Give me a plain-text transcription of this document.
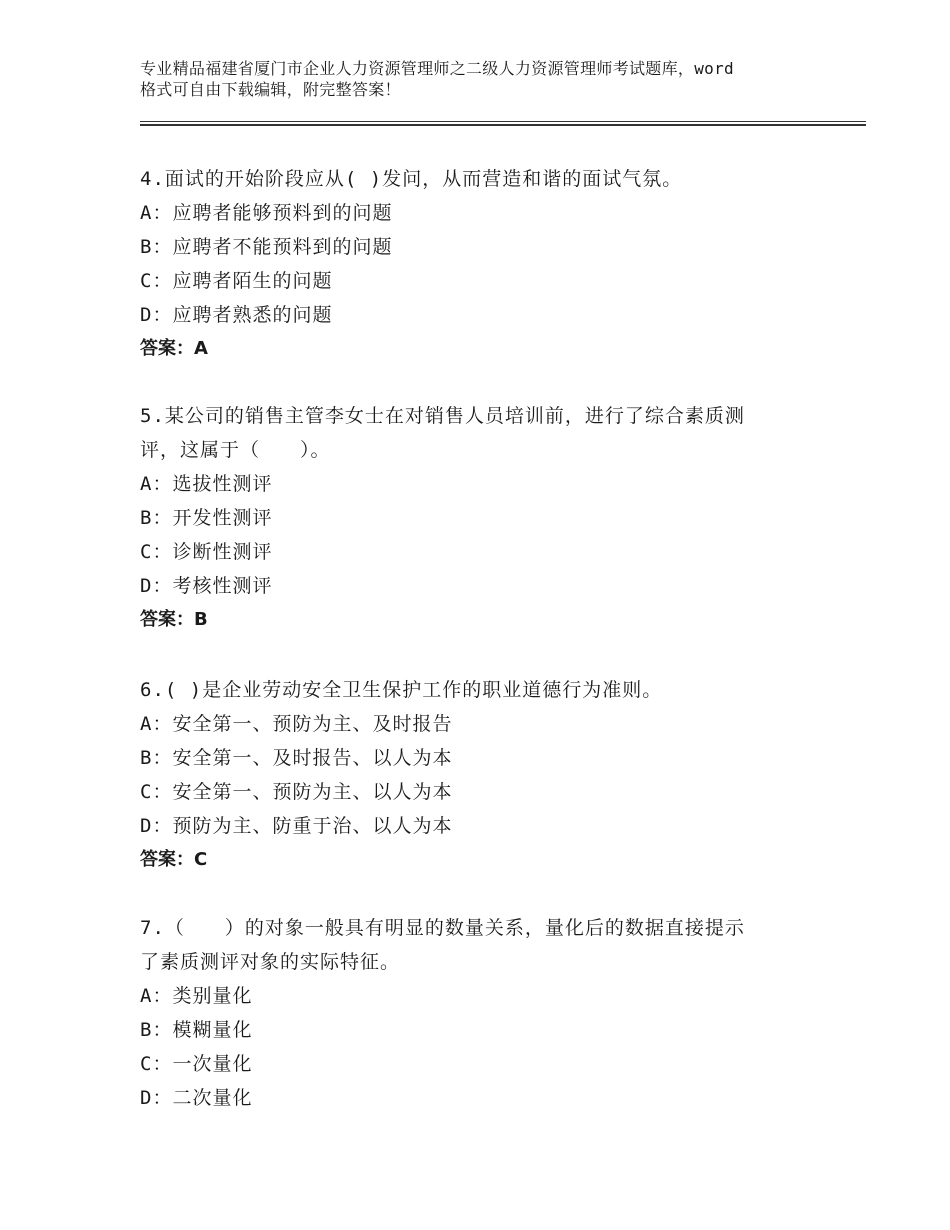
专业精品福建省厦门市企业人力资源管理师之二级人力资源管理师考试题库，word
格式可自由下载编辑，附完整答案！
4.面试的开始阶段应从( )发问，从而营造和谐的面试气氛。
A：应聘者能够预料到的问题
B：应聘者不能预料到的问题
C：应聘者陌生的问题
D：应聘者熟悉的问题
答案：A
5.某公司的销售主管李女士在对销售人员培训前，进行了综合素质测
评，这属于（　　）。
A：选拔性测评
B：开发性测评
C：诊断性测评
D：考核性测评
答案：B
6.( )是企业劳动安全卫生保护工作的职业道德行为准则。
A：安全第一、预防为主、及时报告
B：安全第一、及时报告、以人为本
C：安全第一、预防为主、以人为本
D：预防为主、防重于治、以人为本
答案：C
7.（　　）的对象一般具有明显的数量关系，量化后的数据直接提示
了素质测评对象的实际特征。
A：类别量化
B：模糊量化
C：一次量化
D：二次量化
